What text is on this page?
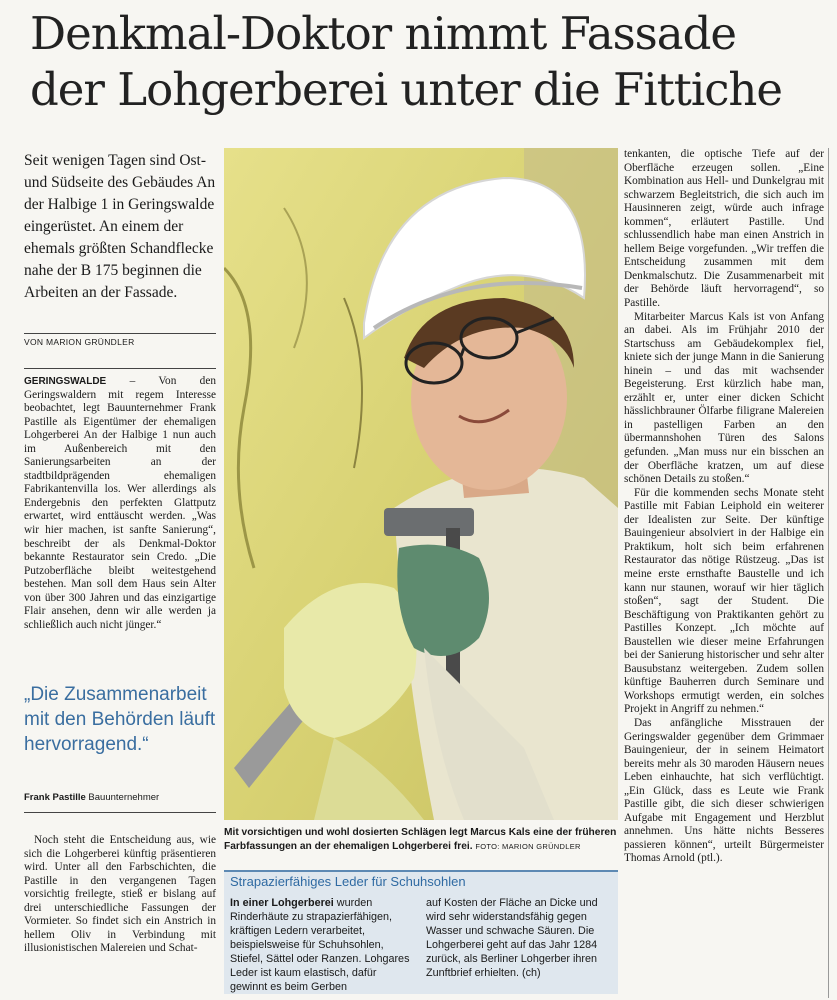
Denkmal-Doktor nimmt Fassade
der Lohgerberei unter die Fittiche

Seit wenigen Tagen sind Ost- und Südseite des Gebäudes An der Halbige 1 in Geringswalde eingerüstet. An einem der ehemals größten Schandflecke nahe der B 175 beginnen die Arbeiten an der Fassade.

VON MARION GRÜNDLER

GERINGSWALDE – Von den Geringswaldern mit regem Interesse beobachtet, legt Bauunternehmer Frank Pastille als Eigentümer der ehemaligen Lohgerberei An der Halbige 1 nun auch im Außenbereich mit den Sanierungsarbeiten an der stadtbildprägenden ehemaligen Fabrikantenvilla los. Wer allerdings als Endergebnis den perfekten Glattputz erwartet, wird enttäuscht werden. „Was wir hier machen, ist sanfte Sanierung“, beschreibt der als Denkmal-Doktor bekannte Restaurator sein Credo. „Die Putzoberfläche bleibt weitestgehend bestehen. Man soll dem Haus sein Alter von über 300 Jahren und das einzigartige Flair ansehen, denn wir alle werden ja schließlich auch nicht jünger.“

„Die Zusammenarbeit mit den Behörden läuft hervorragend.“

Frank Pastille Bauunternehmer

Noch steht die Entscheidung aus, wie sich die Lohgerberei künftig präsentieren wird. Unter all den Farbschichten, die Pastille in den vergangenen Tagen vorsichtig freilegte, stieß er bislang auf drei unterschiedliche Fassungen der Vormieter. So findet sich ein Anstrich in hellem Oliv in Verbindung mit illusionistischen Malereien und Schat-

Mit vorsichtigen und wohl dosierten Schlägen legt Marcus Kals eine der früheren Farbfassungen an der ehemaligen Lohgerberei frei. FOTO: MARION GRÜNDLER

Strapazierfähiges Leder für Schuhsohlen

In einer Lohgerberei wurden Rinderhäute zu strapazierfähigen, kräftigen Ledern verarbeitet, beispielsweise für Schuhsohlen, Stiefel, Sättel oder Ranzen. Lohgares Leder ist kaum elastisch, dafür gewinnt es beim Gerben

auf Kosten der Fläche an Dicke und wird sehr widerstandsfähig gegen Wasser und schwache Säuren. Die Lohgerberei geht auf das Jahr 1284 zurück, als Berliner Lohgerber ihren Zunftbrief erhielten. (ch)

tenkanten, die optische Tiefe auf der Oberfläche erzeugen sollen. „Eine Kombination aus Hell- und Dunkelgrau mit schwarzem Begleitstrich, die sich auch im Hausinneren zeigt, würde auch infrage kommen“, erläutert Pastille. Und schlussendlich habe man einen Anstrich in hellem Beige vorgefunden. „Wir treffen die Entscheidung zusammen mit dem Denkmalschutz. Die Zusammenarbeit mit der Behörde läuft hervorragend“, so Pastille.

Mitarbeiter Marcus Kals ist von Anfang an dabei. Als im Frühjahr 2010 der Startschuss am Gebäudekomplex fiel, kniete sich der junge Mann in die Sanierung hinein – und das mit wachsender Begeisterung. Erst kürzlich habe man, erzählt er, unter einer dicken Schicht hässlichbrauner Ölfarbe filigrane Malereien in pastelligen Farben an den übermannshohen Türen des Salons gefunden. „Man muss nur ein bisschen an der Oberfläche kratzen, um auf diese schönen Details zu stoßen.“

Für die kommenden sechs Monate steht Pastille mit Fabian Leiphold ein weiterer der Idealisten zur Seite. Der künftige Bauingenieur absolviert in der Halbige ein Praktikum, holt sich beim erfahrenen Restaurator das nötige Rüstzeug. „Das ist meine erste ernsthafte Baustelle und ich kann nur staunen, worauf wir hier täglich stoßen“, sagt der Student. Die Beschäftigung von Praktikanten gehört zu Pastilles Konzept. „Ich möchte auf Baustellen wie dieser meine Erfahrungen bei der Sanierung historischer und sehr alter Bausubstanz weitergeben. Zudem sollen künftige Bauherren durch Seminare und Workshops ermutigt werden, ein solches Projekt in Angriff zu nehmen.“

Das anfängliche Misstrauen der Geringswalder gegenüber dem Grimmaer Bauingenieur, der in seinem Heimatort bereits mehr als 30 maroden Häusern neues Leben einhauchte, hat sich verflüchtigt. „Ein Glück, dass es Leute wie Frank Pastille gibt, die sich dieser schwierigen Aufgabe mit Engagement und Herzblut annehmen. Uns hätte nichts Besseres passieren können“, urteilt Bürgermeister Thomas Arnold (ptl.).
